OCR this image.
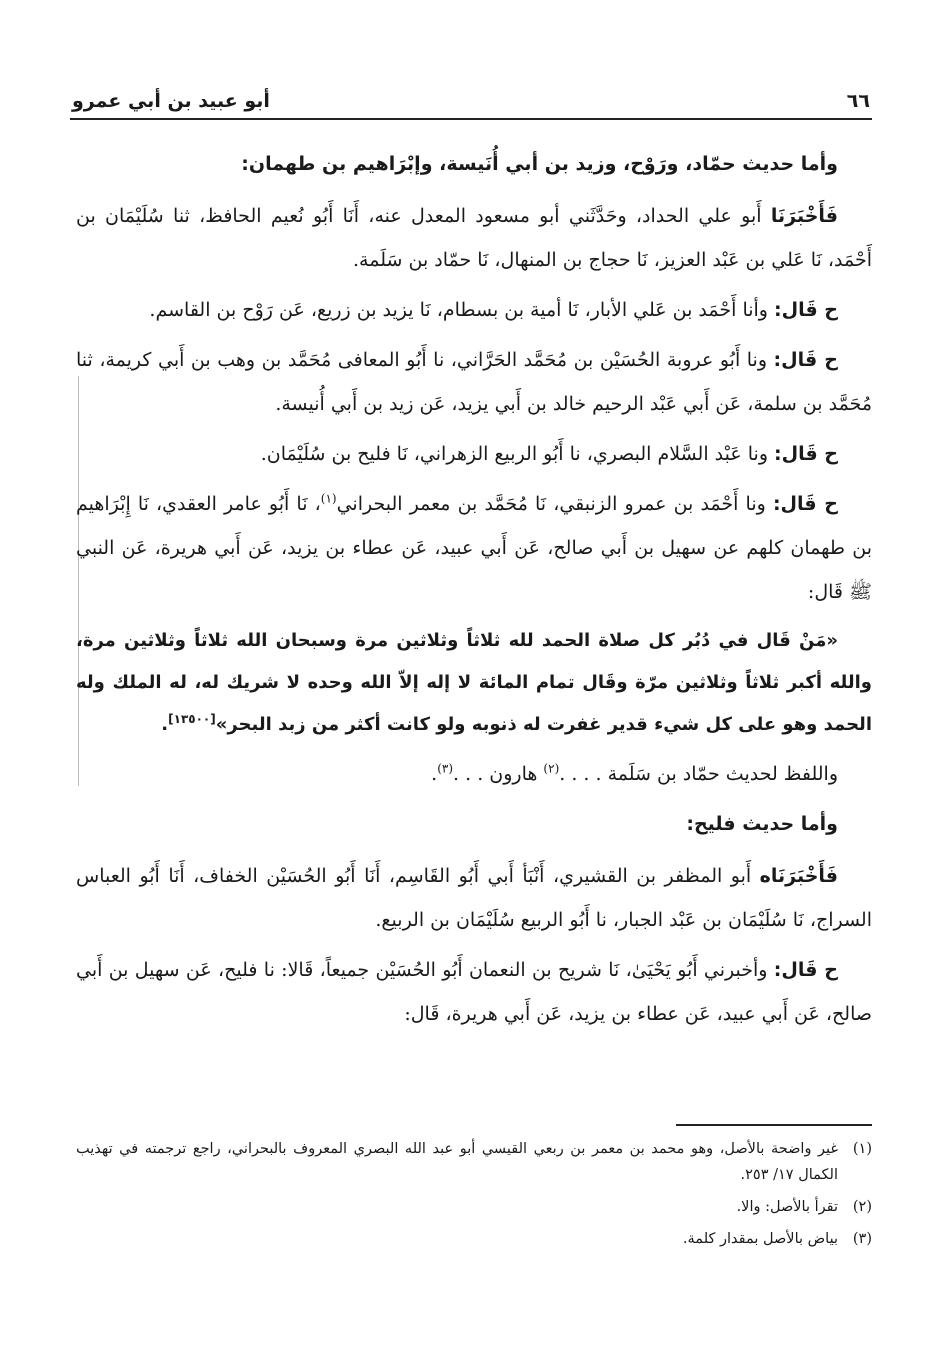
٦٦
أبو عبيد بن أبي عمرو

وأما حديث حمّاد، ورَوْح، وزيد بن أبي أُنَيسة، وإبْرَاهيم بن طهمان:

فَأَخْبَرَنَا أَبو علي الحداد، وحَدَّثَني أبو مسعود المعدل عنه، أَنَا أَبُو نُعيم الحافظ، ثنا سُلَيْمَان بن أَحْمَد، نَا عَلي بن عَبْد العزيز، نَا حجاج بن المنهال، نَا حمّاد بن سَلَمة.

ح قَال: وأنا أَحْمَد بن عَلي الأبار، نَا أمية بن بسطام، نَا يزيد بن زريع، عَن رَوْح بن القاسم.

ح قَال: ونا أَبُو عروبة الحُسَيْن بن مُحَمَّد الحَرَّاني، نا أَبُو المعافى مُحَمَّد بن وهب بن أَبي كريمة، ثنا مُحَمَّد بن سلمة، عَن أَبي عَبْد الرحيم خالد بن أَبي يزيد، عَن زيد بن أَبي أُنيسة.

ح قَال: ونا عَبْد السَّلام البصري، نا أَبُو الربيع الزهراني، نَا فليح بن سُلَيْمَان.

ح قَال: ونا أَحْمَد بن عمرو الزنبقي، نَا مُحَمَّد بن معمر البحراني$^{(١)}$، نَا أَبُو عامر العقدي، نَا إِبْرَاهيم بن طهمان كلهم عن سهيل بن أَبي صالح، عَن أَبي عبيد، عَن عطاء بن يزيد، عَن أَبي هريرة، عَن النبي ﷺ قَال:

«مَنْ قَال في دُبُر كل صلاة الحمد لله ثلاثاً وثلاثين مرة وسبحان الله ثلاثاً وثلاثين مرة، والله أكبر ثلاثاً وثلاثين مرّة وقَال تمام المائة لا إله إلاّ الله وحده لا شريك له، له الملك وله الحمد وهو على كل شيء قدير غفرت له ذنوبه ولو كانت أكثر من زبد البحر»[١٣٥٠٠].

واللفظ لحديث حمّاد بن سَلَمة . . . .$^{(٢)}$ هارون . . .$^{(٣)}$.

وأما حديث فليح:

فَأَخْبَرَنَاه أَبو المظفر بن القشيري، أَنْبَأ أَبي أَبُو القَاسِم، أَنَا أَبُو الحُسَيْن الخفاف، أَنَا أَبُو العباس السراج، نَا سُلَيْمَان بن عَبْد الجبار، نا أَبُو الربيع سُلَيْمَان بن الربيع.

ح قَال: وأخبرني أَبُو يَحْيَىٰ، نَا شريح بن النعمان أَبُو الحُسَيْن جميعاً، قَالا: نا فليح، عَن سهيل بن أَبي صالح، عَن أَبي عبيد، عَن عطاء بن يزيد، عَن أَبي هريرة، قَال:

(١)
غير واضحة بالأصل، وهو محمد بن معمر بن ربعي القيسي أبو عبد الله البصري المعروف بالبحراني، راجع ترجمته في تهذيب الكمال ١٧/ ٢٥٣.
(٢)
تقرأ بالأصل: والا.
(٣)
بياض بالأصل بمقدار كلمة.
